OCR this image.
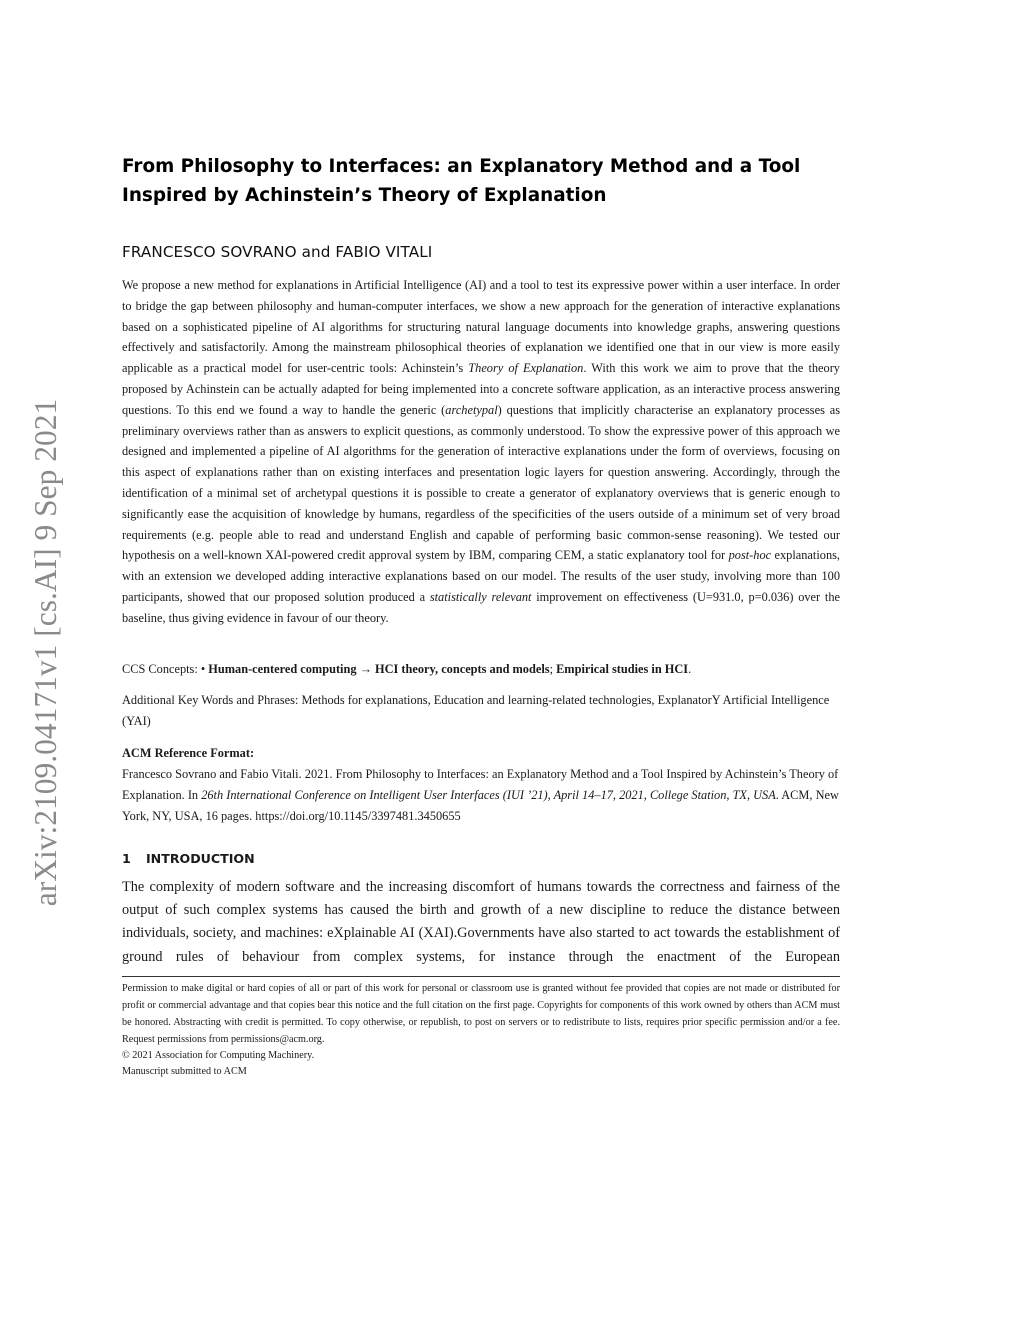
arXiv:2109.04171v1 [cs.AI] 9 Sep 2021
From Philosophy to Interfaces: an Explanatory Method and a Tool Inspired by Achinstein’s Theory of Explanation
FRANCESCO SOVRANO and FABIO VITALI
We propose a new method for explanations in Artificial Intelligence (AI) and a tool to test its expressive power within a user interface. In order to bridge the gap between philosophy and human-computer interfaces, we show a new approach for the generation of interactive explanations based on a sophisticated pipeline of AI algorithms for structuring natural language documents into knowledge graphs, answering questions effectively and satisfactorily. Among the mainstream philosophical theories of explanation we identified one that in our view is more easily applicable as a practical model for user-centric tools: Achinstein’s Theory of Explanation. With this work we aim to prove that the theory proposed by Achinstein can be actually adapted for being implemented into a concrete software application, as an interactive process answering questions. To this end we found a way to handle the generic (archetypal) questions that implicitly characterise an explanatory processes as preliminary overviews rather than as answers to explicit questions, as commonly understood. To show the expressive power of this approach we designed and implemented a pipeline of AI algorithms for the generation of interactive explanations under the form of overviews, focusing on this aspect of explanations rather than on existing interfaces and presentation logic layers for question answering. Accordingly, through the identification of a minimal set of archetypal questions it is possible to create a generator of explanatory overviews that is generic enough to significantly ease the acquisition of knowledge by humans, regardless of the specificities of the users outside of a minimum set of very broad requirements (e.g. people able to read and understand English and capable of performing basic common-sense reasoning). We tested our hypothesis on a well-known XAI-powered credit approval system by IBM, comparing CEM, a static explanatory tool for post-hoc explanations, with an extension we developed adding interactive explanations based on our model. The results of the user study, involving more than 100 participants, showed that our proposed solution produced a statistically relevant improvement on effectiveness (U=931.0, p=0.036) over the baseline, thus giving evidence in favour of our theory.
CCS Concepts: • Human-centered computing → HCI theory, concepts and models; Empirical studies in HCI.
Additional Key Words and Phrases: Methods for explanations, Education and learning-related technologies, ExplanatorY Artificial Intelligence (YAI)
ACM Reference Format:
Francesco Sovrano and Fabio Vitali. 2021. From Philosophy to Interfaces: an Explanatory Method and a Tool Inspired by Achinstein’s Theory of Explanation. In 26th International Conference on Intelligent User Interfaces (IUI ’21), April 14–17, 2021, College Station, TX, USA. ACM, New York, NY, USA, 16 pages. https://doi.org/10.1145/3397481.3450655
1 INTRODUCTION
The complexity of modern software and the increasing discomfort of humans towards the correctness and fairness of the output of such complex systems has caused the birth and growth of a new discipline to reduce the distance between individuals, society, and machines: eXplainable AI (XAI).Governments have also started to act towards the establishment of ground rules of behaviour from complex systems, for instance through the enactment of the European
Permission to make digital or hard copies of all or part of this work for personal or classroom use is granted without fee provided that copies are not made or distributed for profit or commercial advantage and that copies bear this notice and the full citation on the first page. Copyrights for components of this work owned by others than ACM must be honored. Abstracting with credit is permitted. To copy otherwise, or republish, to post on servers or to redistribute to lists, requires prior specific permission and/or a fee. Request permissions from permissions@acm.org.
© 2021 Association for Computing Machinery.
Manuscript submitted to ACM
